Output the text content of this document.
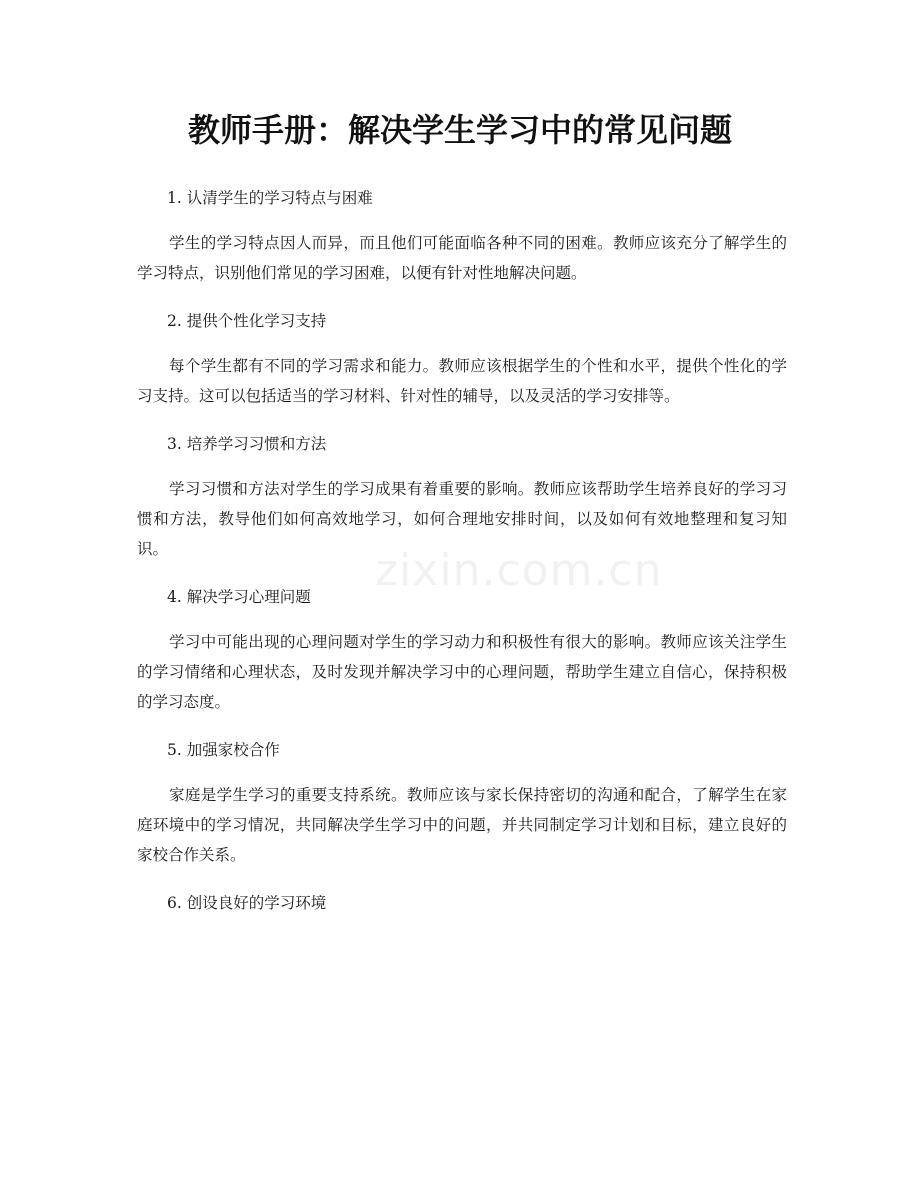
教师手册：解决学生学习中的常见问题
zixin.com.cn

1. 认清学生的学习特点与困难

学生的学习特点因人而异，而且他们可能面临各种不同的困难。教师应该充分了解学生的学习特点，识别他们常见的学习困难，以便有针对性地解决问题。

2. 提供个性化学习支持

每个学生都有不同的学习需求和能力。教师应该根据学生的个性和水平，提供个性化的学习支持。这可以包括适当的学习材料、针对性的辅导，以及灵活的学习安排等。

3. 培养学习习惯和方法

学习习惯和方法对学生的学习成果有着重要的影响。教师应该帮助学生培养良好的学习习惯和方法，教导他们如何高效地学习，如何合理地安排时间，以及如何有效地整理和复习知识。

4. 解决学习心理问题

学习中可能出现的心理问题对学生的学习动力和积极性有很大的影响。教师应该关注学生的学习情绪和心理状态，及时发现并解决学习中的心理问题，帮助学生建立自信心，保持积极的学习态度。

5. 加强家校合作

家庭是学生学习的重要支持系统。教师应该与家长保持密切的沟通和配合，了解学生在家庭环境中的学习情况，共同解决学生学习中的问题，并共同制定学习计划和目标，建立良好的家校合作关系。

6. 创设良好的学习环境
